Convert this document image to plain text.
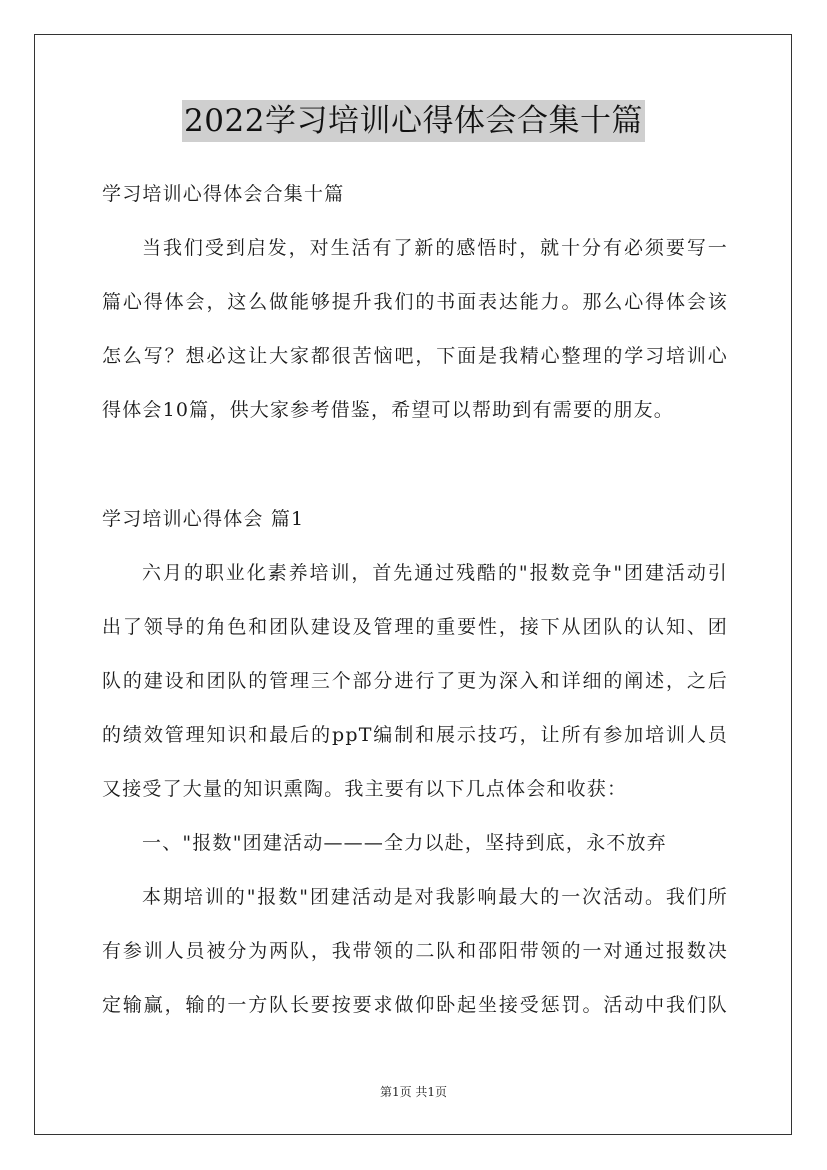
2022学习培训心得体会合集十篇
学习培训心得体会合集十篇
当我们受到启发，对生活有了新的感悟时，就十分有必须要写一
篇心得体会，这么做能够提升我们的书面表达能力。那么心得体会该
怎么写？想必这让大家都很苦恼吧，下面是我精心整理的学习培训心
得体会10篇，供大家参考借鉴，希望可以帮助到有需要的朋友。
学习培训心得体会 篇1
六月的职业化素养培训，首先通过残酷的"报数竞争"团建活动引
出了领导的角色和团队建设及管理的重要性，接下从团队的认知、团
队的建设和团队的管理三个部分进行了更为深入和详细的阐述，之后
的绩效管理知识和最后的ppT编制和展示技巧，让所有参加培训人员
又接受了大量的知识熏陶。我主要有以下几点体会和收获：
一、"报数"团建活动———全力以赴，坚持到底，永不放弃
本期培训的"报数"团建活动是对我影响最大的一次活动。我们所
有参训人员被分为两队，我带领的二队和邵阳带领的一对通过报数决
定输赢，输的一方队长要按要求做仰卧起坐接受惩罚。活动中我们队
第1页 共1页
